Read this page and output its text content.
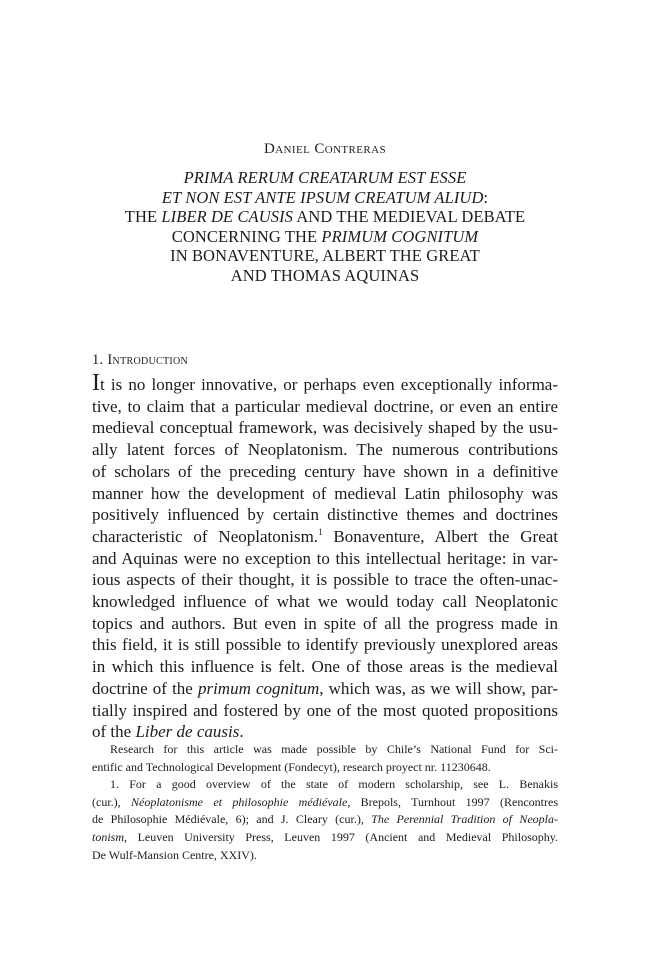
Daniel Contreras
PRIMA RERUM CREATARUM EST ESSE
ET NON EST ANTE IPSUM CREATUM ALIUD:
THE LIBER DE CAUSIS AND THE MEDIEVAL DEBATE
CONCERNING THE PRIMUM COGNITUM
IN BONAVENTURE, ALBERT THE GREAT
AND THOMAS AQUINAS
1. Introduction
It is no longer innovative, or perhaps even exceptionally informa-
tive, to claim that a particular medieval doctrine, or even an entire
medieval conceptual framework, was decisively shaped by the usu-
ally latent forces of Neoplatonism. The numerous contributions
of scholars of the preceding century have shown in a definitive
manner how the development of medieval Latin philosophy was
positively influenced by certain distinctive themes and doctrines
characteristic of Neoplatonism.$^1$ Bonaventure, Albert the Great
and Aquinas were no exception to this intellectual heritage: in var-
ious aspects of their thought, it is possible to trace the often-unac-
knowledged influence of what we would today call Neoplatonic
topics and authors. But even in spite of all the progress made in
this field, it is still possible to identify previously unexplored areas
in which this influence is felt. One of those areas is the medieval
doctrine of the primum cognitum, which was, as we will show, par-
tially inspired and fostered by one of the most quoted propositions
of the Liber de causis.
Research for this article was made possible by Chile’s National Fund for Sci-
entific and Technological Development (Fondecyt), research proyect nr. 11230648.
1. For a good overview of the state of modern scholarship, see L. Benakis
(cur.), Néoplatonisme et philosophie médiévale, Brepols, Turnhout 1997 (Rencontres
de Philosophie Médiévale, 6); and J. Cleary (cur.), The Perennial Tradition of Neopla-
tonism, Leuven University Press, Leuven 1997 (Ancient and Medieval Philosophy.
De Wulf-Mansion Centre, XXIV).
